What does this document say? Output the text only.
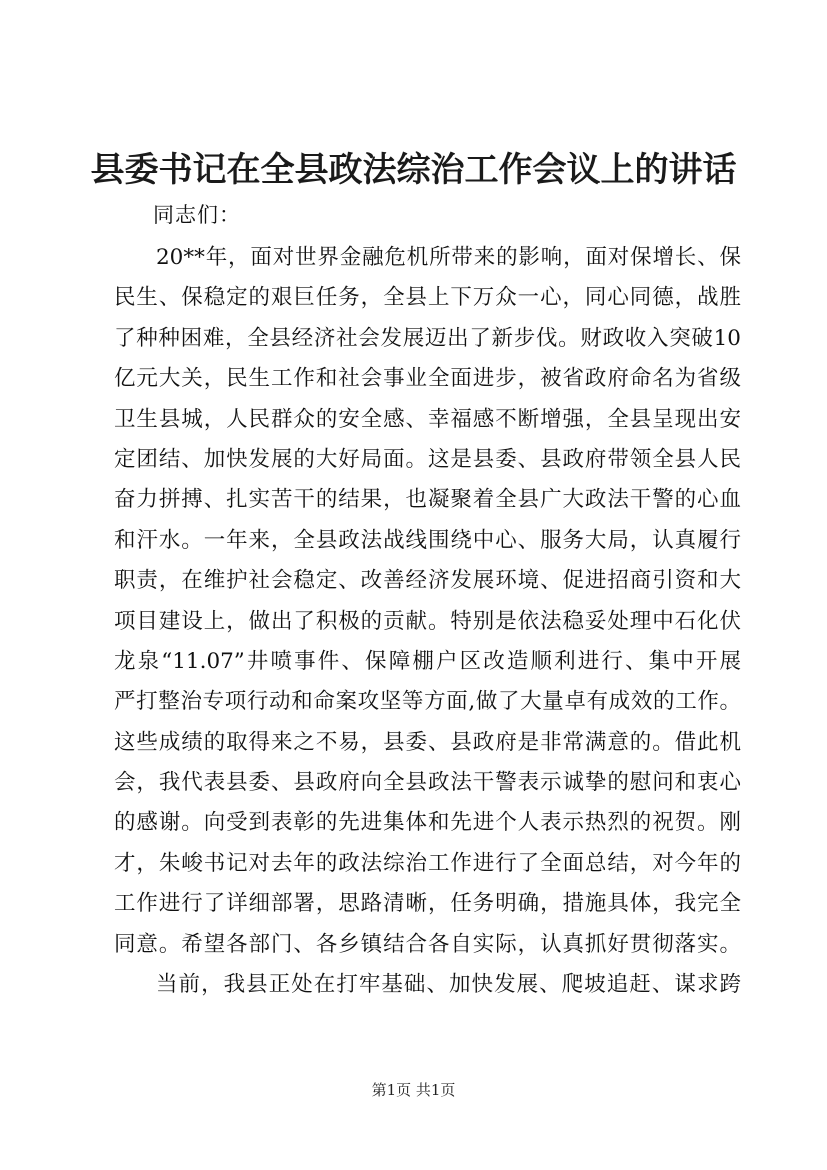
县委书记在全县政法综治工作会议上的讲话
同志们：
20**年，面对世界金融危机所带来的影响，面对保增长、保
民生、保稳定的艰巨任务，全县上下万众一心，同心同德，战胜
了种种困难，全县经济社会发展迈出了新步伐。财政收入突破10
亿元大关，民生工作和社会事业全面进步，被省政府命名为省级
卫生县城，人民群众的安全感、幸福感不断增强，全县呈现出安
定团结、加快发展的大好局面。这是县委、县政府带领全县人民
奋力拼搏、扎实苦干的结果，也凝聚着全县广大政法干警的心血
和汗水。一年来，全县政法战线围绕中心、服务大局，认真履行
职责，在维护社会稳定、改善经济发展环境、促进招商引资和大
项目建设上，做出了积极的贡献。特别是依法稳妥处理中石化伏
龙泉“11.07”井喷事件、保障棚户区改造顺利进行、集中开展
严打整治专项行动和命案攻坚等方面,做了大量卓有成效的工作。
这些成绩的取得来之不易，县委、县政府是非常满意的。借此机
会，我代表县委、县政府向全县政法干警表示诚挚的慰问和衷心
的感谢。向受到表彰的先进集体和先进个人表示热烈的祝贺。刚
才，朱峻书记对去年的政法综治工作进行了全面总结，对今年的
工作进行了详细部署，思路清晰，任务明确，措施具体，我完全
同意。希望各部门、各乡镇结合各自实际，认真抓好贯彻落实。
当前，我县正处在打牢基础、加快发展、爬坡追赶、谋求跨
第1页 共1页
